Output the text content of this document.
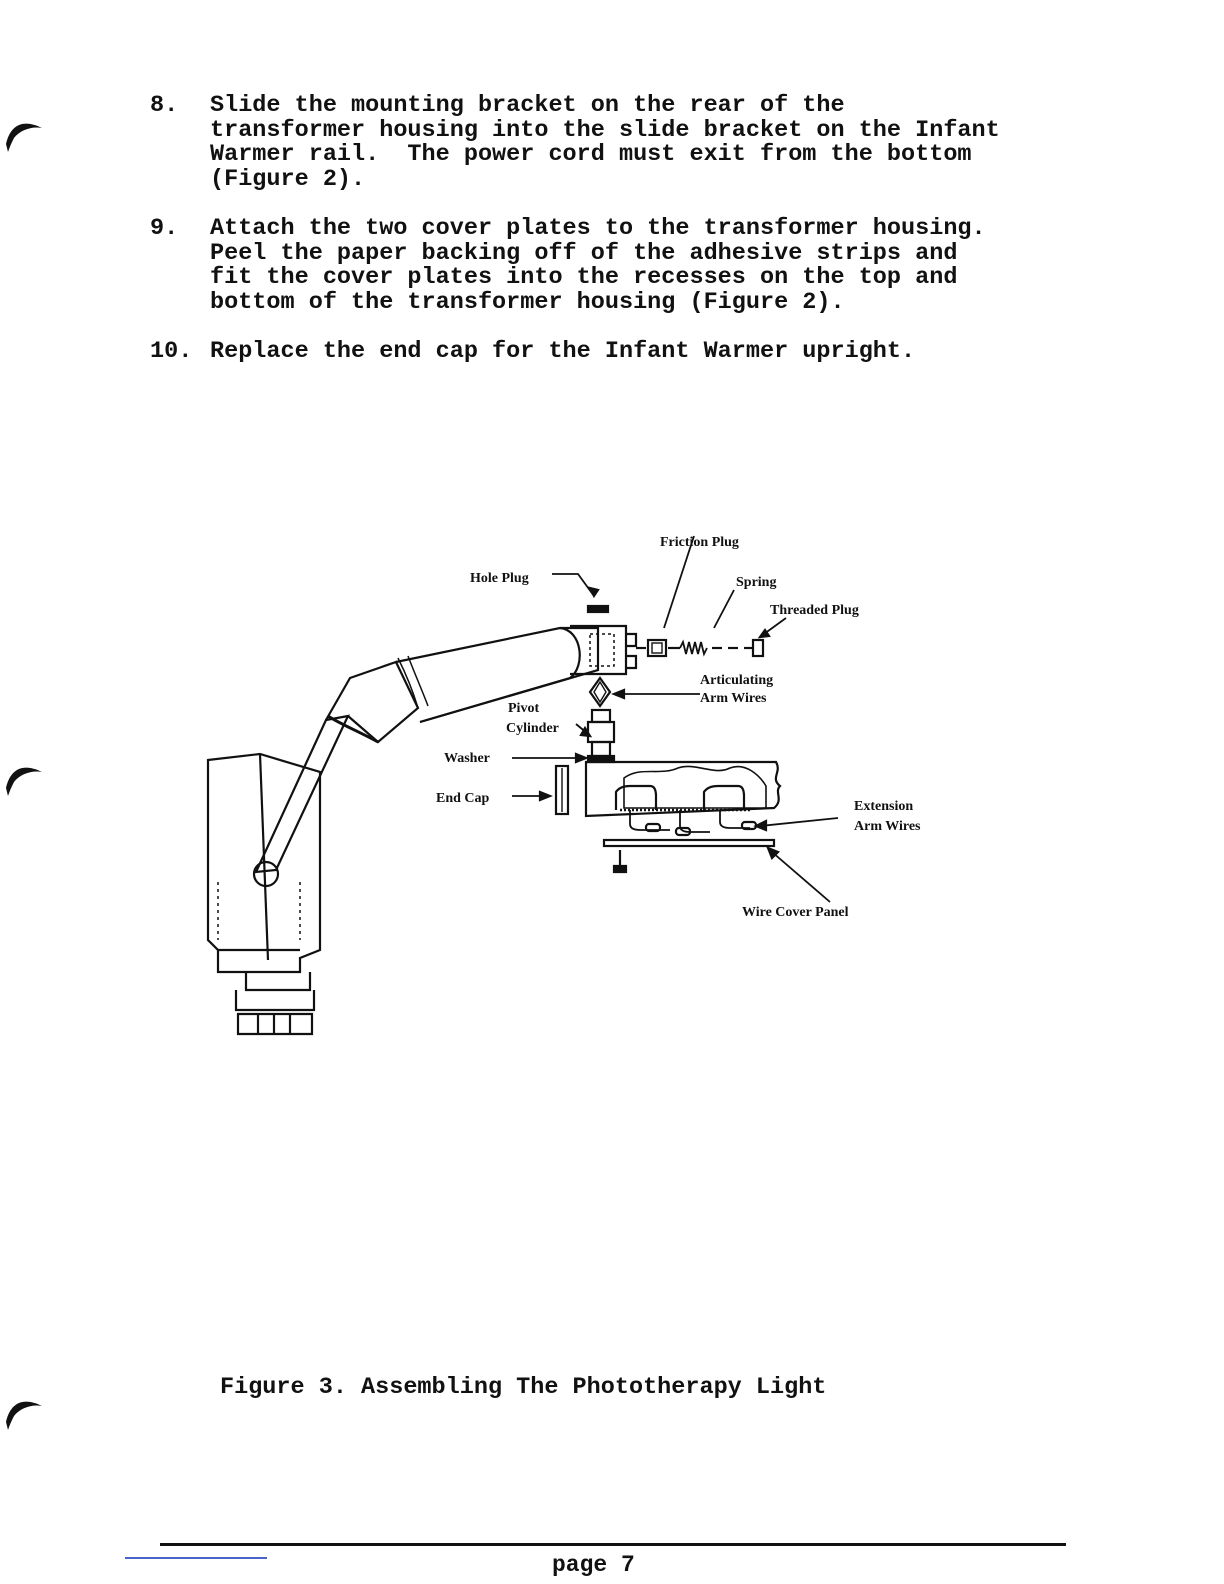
8.	Slide the mounting bracket on the rear of the
transformer housing into the slide bracket on the Infant
Warmer rail.  The power cord must exit from the bottom
(Figure 2).
9.	Attach the two cover plates to the transformer housing.
Peel the paper backing off of the adhesive strips and
fit the cover plates into the recesses on the top and
bottom of the transformer housing (Figure 2).
10. Replace the end cap for the Infant Warmer upright.
Friction Plug
Hole Plug	Spring
Threaded Plug
Articulating
Arm Wires
Pivot
Cylinder
Washer
End Cap
Extension
Arm Wires
Wire Cover Panel
Figure 3. Assembling The Phototherapy Light
page 7
